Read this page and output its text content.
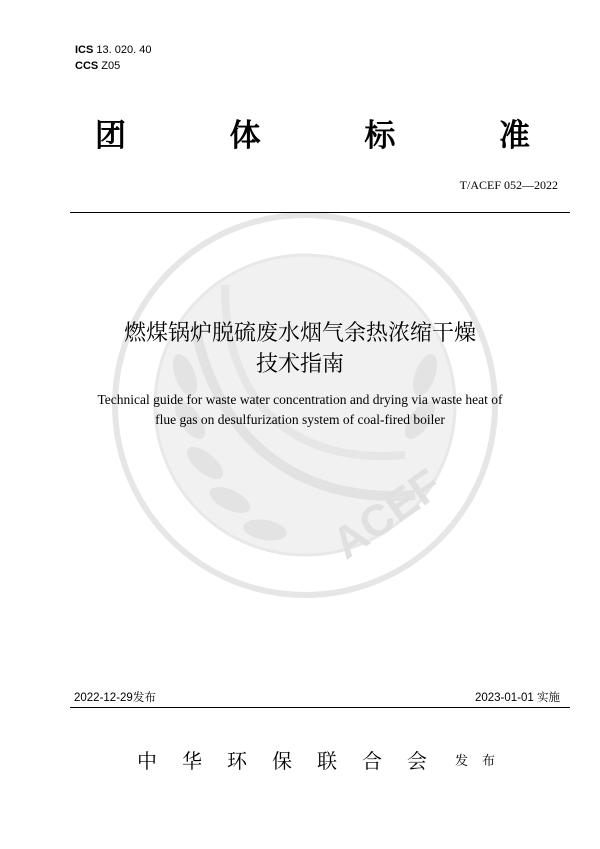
ACEF
ICS 13. 020. 40
CCS Z05
团	体	标	准
T/ACEF 052—2022
燃煤锅炉脱硫废水烟气余热浓缩干燥
技术指南
Technical guide for waste water concentration and drying via waste heat of
flue gas on desulfurization system of coal-fired boiler
2022-12-29发布	2023-01-01 实施
中 华 环 保 联 合 会 发 布
